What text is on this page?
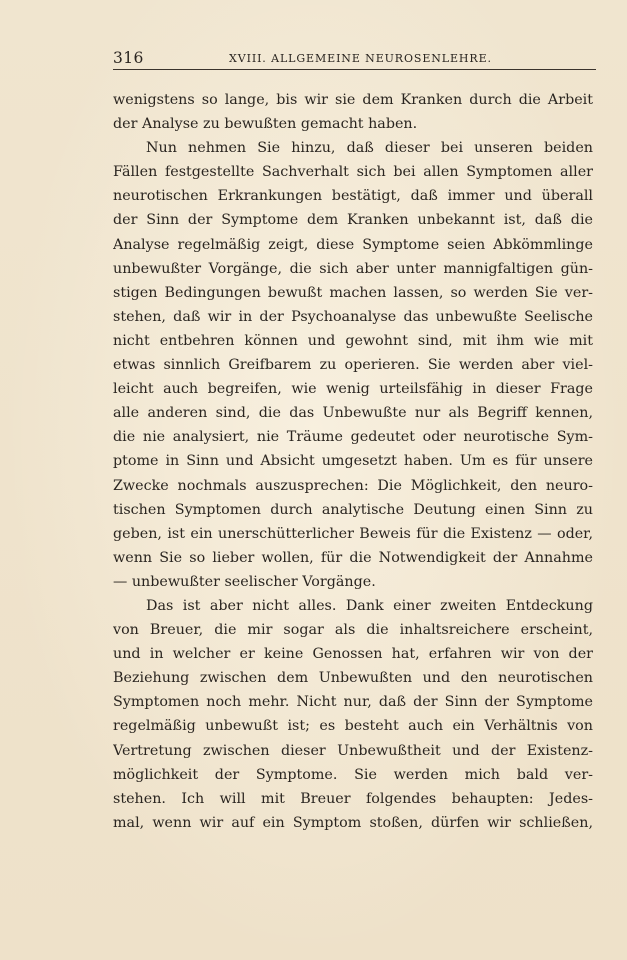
316	XVIII. ALLGEMEINE NEUROSENLEHRE.
wenigstens so lange, bis wir sie dem Kranken durch die Arbeit
der Analyse zu bewußten gemacht haben.
Nun nehmen Sie hinzu, daß dieser bei unseren beiden
Fällen festgestellte Sachverhalt sich bei allen Symptomen aller
neurotischen Erkrankungen bestätigt, daß immer und überall
der Sinn der Symptome dem Kranken unbekannt ist, daß die
Analyse regelmäßig zeigt, diese Symptome seien Abkömmlinge
unbewußter Vorgänge, die sich aber unter mannigfaltigen gün-
stigen Bedingungen bewußt machen lassen, so werden Sie ver-
stehen, daß wir in der Psychoanalyse das unbewußte Seelische
nicht entbehren können und gewohnt sind, mit ihm wie mit
etwas sinnlich Greifbarem zu operieren. Sie werden aber viel-
leicht auch begreifen, wie wenig urteilsfähig in dieser Frage
alle anderen sind, die das Unbewußte nur als Begriff kennen,
die nie analysiert, nie Träume gedeutet oder neurotische Sym-
ptome in Sinn und Absicht umgesetzt haben. Um es für unsere
Zwecke nochmals auszusprechen: Die Möglichkeit, den neuro-
tischen Symptomen durch analytische Deutung einen Sinn zu
geben, ist ein unerschütterlicher Beweis für die Existenz — oder,
wenn Sie so lieber wollen, für die Notwendigkeit der Annahme
— unbewußter seelischer Vorgänge.
Das ist aber nicht alles. Dank einer zweiten Entdeckung
von Breuer, die mir sogar als die inhaltsreichere erscheint,
und in welcher er keine Genossen hat, erfahren wir von der
Beziehung zwischen dem Unbewußten und den neurotischen
Symptomen noch mehr. Nicht nur, daß der Sinn der Symptome
regelmäßig unbewußt ist; es besteht auch ein Verhältnis von
Vertretung zwischen dieser Unbewußtheit und der Existenz-
möglichkeit der Symptome. Sie werden mich bald ver-
stehen. Ich will mit Breuer folgendes behaupten: Jedes-
mal, wenn wir auf ein Symptom stoßen, dürfen wir schließen,
